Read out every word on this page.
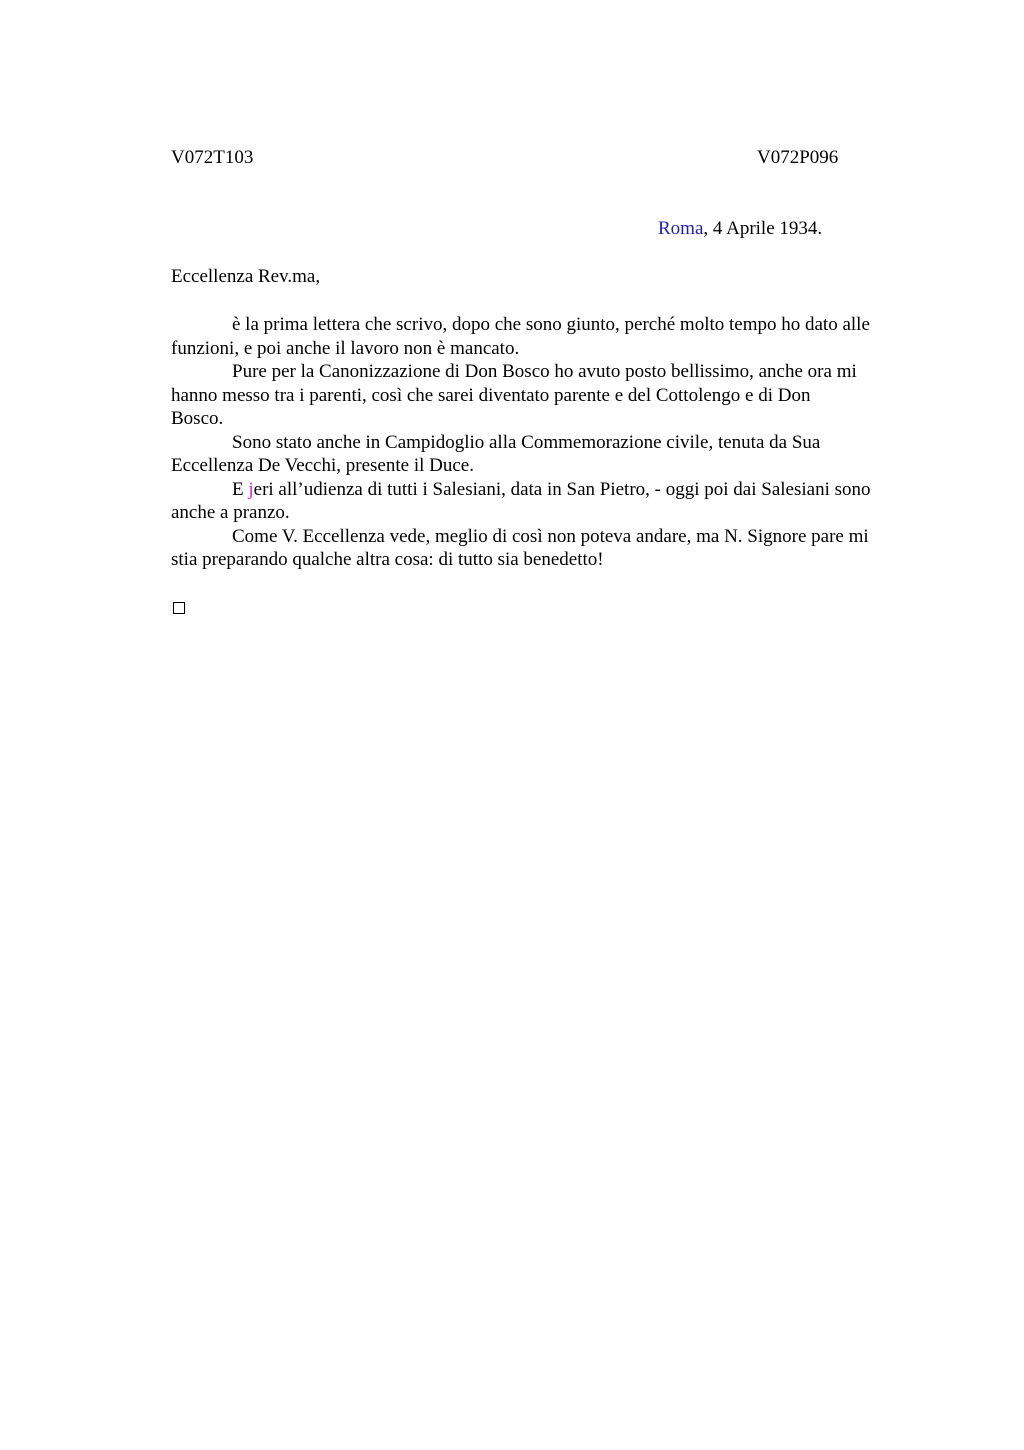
V072T103	V072P096
Roma, 4 Aprile 1934.
Eccellenza Rev.ma,

è la prima lettera che scrivo, dopo che sono giunto, perché molto tempo ho dato alle
funzioni, e poi anche il lavoro non è mancato.

Pure per la Canonizzazione di Don Bosco ho avuto posto bellissimo, anche ora mi
hanno messo tra i parenti, così che sarei diventato parente e del Cottolengo e di Don
Bosco.

Sono stato anche in Campidoglio alla Commemorazione civile, tenuta da Sua
Eccellenza De Vecchi, presente il Duce.

E jeri all’udienza di tutti i Salesiani, data in San Pietro, - oggi poi dai Salesiani sono
anche a pranzo.

Come V. Eccellenza vede, meglio di così non poteva andare, ma N. Signore pare mi
stia preparando qualche altra cosa: di tutto sia benedetto!
